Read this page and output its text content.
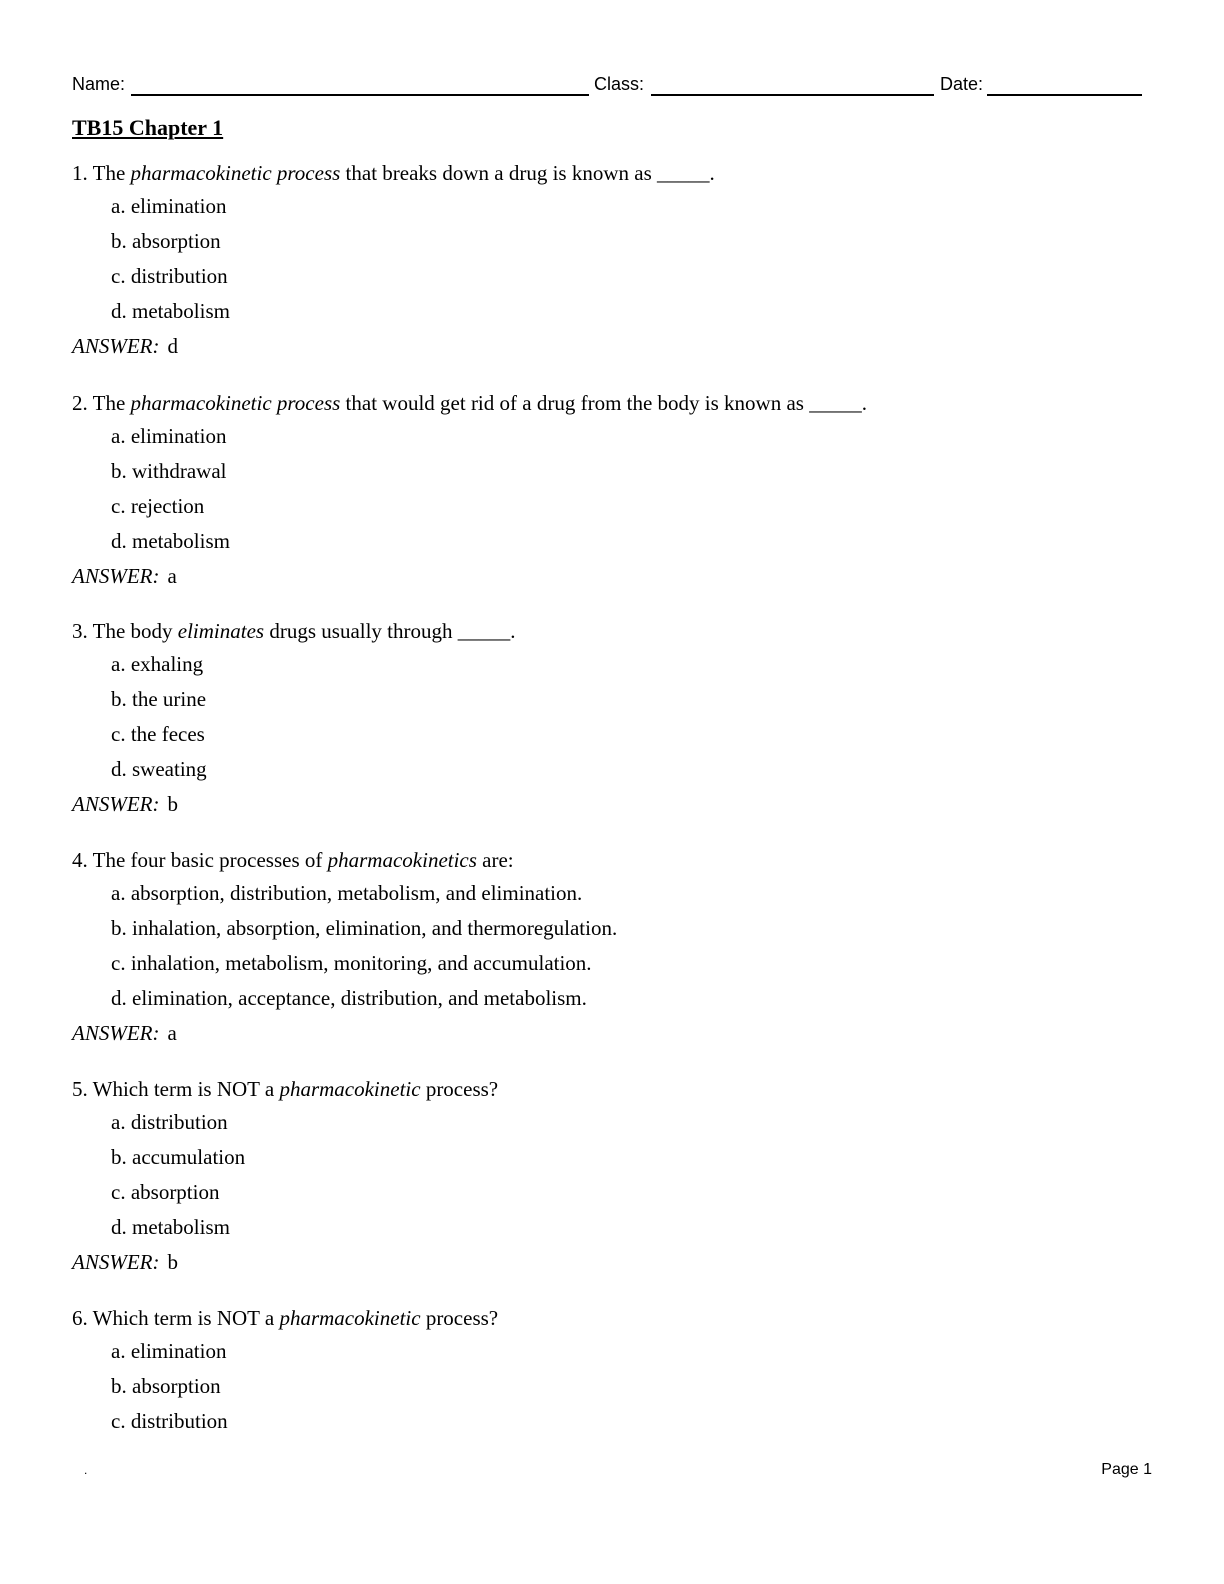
Name:	Class:	Date:
TB15 Chapter 1
1. The pharmacokinetic process that breaks down a drug is known as _____.
a. elimination
b. absorption
c. distribution
d. metabolism
ANSWER: d
2. The pharmacokinetic process that would get rid of a drug from the body is known as _____.
a. elimination
b. withdrawal
c. rejection
d. metabolism
ANSWER: a
3. The body eliminates drugs usually through _____.
a. exhaling
b. the urine
c. the feces
d. sweating
ANSWER: b
4. The four basic processes of pharmacokinetics are:
a. absorption, distribution, metabolism, and elimination.
b. inhalation, absorption, elimination, and thermoregulation.
c. inhalation, metabolism, monitoring, and accumulation.
d. elimination, acceptance, distribution, and metabolism.
ANSWER: a
5. Which term is NOT a pharmacokinetic process?
a. distribution
b. accumulation
c. absorption
d. metabolism
ANSWER: b
6. Which term is NOT a pharmacokinetic process?
a. elimination
b. absorption
c. distribution
.	Page 1
